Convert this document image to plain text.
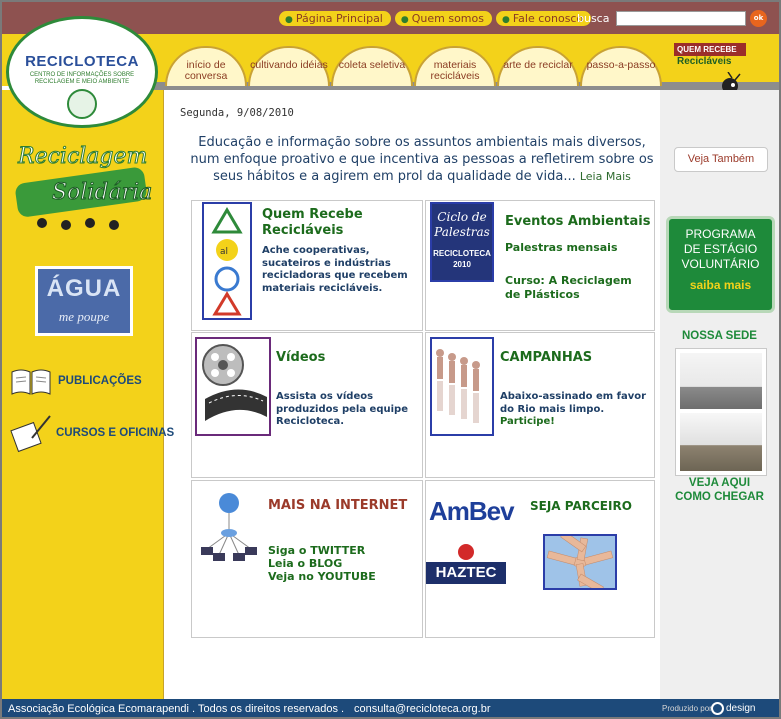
● Página Principal	● Quem somos	● Fale conosco
busca	ok
RECICLOTECA
CENTRO DE INFORMAÇÕES SOBRE RECICLAGEM E MEIO AMBIENTE
início de conversa
cultivando idéias	coleta seletiva	materiais recicláveis
arte de reciclar	passo-a-passo
QUEM RECEBE
Recicláveis
Reciclagem
Solidária
ÁGUA
me poupe
PUBLICAÇÕES
CURSOS E OFICINAS
Veja Também
PROGRAMA
DE ESTÁGIO
VOLUNTÁRIO
saiba mais
NOSSA SEDE
VEJA AQUI
COMO CHEGAR
Segunda, 9/08/2010
Educação e informação sobre os assuntos ambientais mais diversos, num enfoque proativo e que incentiva as pessoas a refletirem sobre os seus hábitos e a agirem em prol da qualidade de vida... Leia Mais
al
Quem Recebe Recicláveis
Ache cooperativas, sucateiros e indústrias recicladoras que recebem materiais recicláveis.
Ciclo de
Palestras
RECICLOTECA
2010
Eventos Ambientais
Palestras mensais
Curso: A Reciclagem de Plásticos
Vídeos
Assista os vídeos produzidos pela equipe Recicloteca.
CAMPANHAS
Abaixo-assinado em favor do Rio mais limpo.
Participe!
MAIS NA INTERNET
Siga o TWITTER
Leia o BLOG
Veja no YOUTUBE
AmBev SEJA PARCEIRO
HAZTEC
Associação Ecológica Ecomarapendi . Todos os direitos reservados . consulta@recicloteca.org.br	Produzido por design
